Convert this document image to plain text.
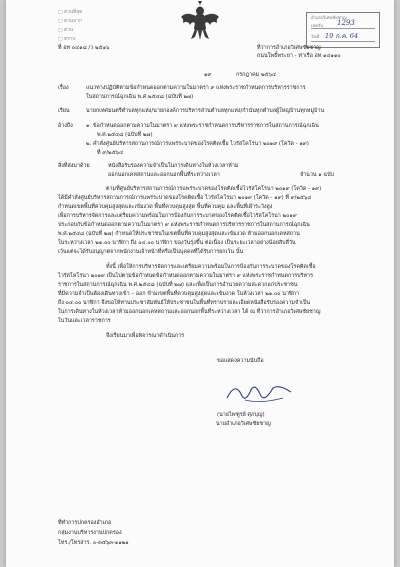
□ ด่วนที่สุด
□ ด่วนมาก
□ ด่วน
□ ทราบ
อำเภอวิเศษชัยชาญ
เลขรับ 1293
วันที่ 19 ก.ค. 64
ที่ อท ๐๔๑๘ /ว ๒๕๑๖	ที่ว่าการอำเภอวิเศษชัยชาญ
ถนนโพธิ์พระยา - ท่าเรือ อท ๑๔๑๑๐
๑๙	กรกฎาคม ๒๕๖๔
เรื่อง	แนวทางปฏิบัติตามข้อกำหนดออกตามความในมาตรา ๙ แห่งพระราชกำหนดการบริหารราชการ
ในสถานการณ์ฉุกเฉิน พ.ศ.๒๕๔๘ (ฉบับที่ ๒๗)
เรียน	นายกเทศมนตรีตำบลทุกแห่ง/นายกองค์การบริหารส่วนตำบลทุกแห่ง/กำนันทุกตำบลผู้ใหญ่บ้านทุกหมู่บ้าน
อ้างถึง ๑. ข้อกำหนดออกตามความในมาตรา ๙ แห่งพระราชกำหนดการบริหารราชการในสถานการณ์ฉุกเฉิน
พ.ศ.๒๕๔๘ (ฉบับที่ ๒๗)
๒. คำสั่งศูนย์บริหารสถานการณ์การแพร่ระบาดของโรคติดเชื้อ ไวรัสโคโรนา ๒๐๑๙ (โควิด - ๑๙)
ที่ ๙/๒๕๖๔
สิ่งที่ส่งมาด้วย	หนังสือรับรองความจำเป็นในการเดินทางในห้วงเวลาห้าม
ออกนอกเคหสถานและออกนอกพื้นที่ระหว่างเวลา	จำนวน ๑ ฉบับ
ตามที่ศูนย์บริหารสถานการณ์การแพร่ระบาดของโรคติดเชื้อไวรัสโคโรนา ๒๐๑๙ (โควิด - ๑๙)
ได้มีคำสั่งศูนย์บริหารสถานการณ์การแพร่ระบาดของโรคติดเชื้อ ไวรัสโคโรนา ๒๐๑๙ (โควิด - ๑๙) ที่ ๙/๒๕๖๔
กำหนดเขตพื้นที่ควบคุมสูงสุดและเข้มงวด พื้นที่ควบคุมสูงสุด พื้นที่ควบคุม และพื้นที่เฝ้าระวังสูง
เพื่อการบริหารจัดการและเตรียมความพร้อมในการป้องกันการระบาดของโรคติดเชื้อไวรัสโคโรนา ๒๐๑๙
ประกอบกับข้อกำหนดออกตามความในมาตรา ๙ แห่งพระราชกำหนดการบริหารราชการในสถานการณ์ฉุกเฉิน
พ.ศ.๒๕๔๘ (ฉบับที่ ๒๗) กำหนดให้ประชาชนในเขตพื้นที่ควบคุมสูงสุดและเข้มงวด ห้ามออกนอกเคหสถาน
ในระหว่างเวลา ๒๑.๐๐ นาฬิกา ถึง ๐๔.๐๐ นาฬิกา ของวันรุ่งขึ้น ต่อเนื่อง เป็นระยะเวลาอย่างน้อยสิบสี่วัน
เว้นแต่จะได้รับอนุญาตจากพนักงานเจ้าหน้าที่หรือเป็นบุคคลที่ได้รับการยกเว้น นั้น
ทั้งนี้ เพื่อให้การบริหารจัดการและเตรียมความพร้อมในการป้องกันการระบาดของโรคติดเชื้อ
ไวรัสโคโรนา ๒๐๑๙ เป็นไปตามข้อกำหนดข้อกำหนดออกตามความในมาตรา ๙ แห่งพระราชกำหนดการบริหาร
ราชการในสถานการณ์ฉุกเฉิน พ.ศ.๒๕๔๘ (ฉบับที่ ๒๗) และเพื่อเป็นการอำนวยความสะดวกแก่ประชาชน
ที่มีความจำเป็นต้องเดินทางเข้า – ออก ข้ามเขตพื้นที่ควบคุมสูงสุดและเข้มงวด ในห้วงเวลา ๒๑.๐๐ นาฬิกา
ถึง ๐๔.๐๐ นาฬิกา จึงขอให้ท่านประชาสัมพันธ์ให้ประชาชนในพื้นที่ทราบรายละเอียดหนังสือรับรองความจำเป็น
ในการเดินทางในห้วงเวลาห้ามออกนอกเคหสถานและออกนอกพื้นที่ระหว่างเวลา ได้ ณ ที่ว่าการอำเภอวิเศษชัยชาญ
ในวันและเวลาราชการ
จึงเรียนมาเพื่อพิจารณาดำเนินการ
ขอแสดงความนับถือ
(นายไพฑูรย์ ศุภบุญ)
นายอำเภอวิเศษชัยชาญ
ที่ทำการปกครองอำเภอ
กลุ่มงานบริหารงานปกครอง
โทร./โทรสาร. ๐-๓๕๖๓-๑๑๒๑
